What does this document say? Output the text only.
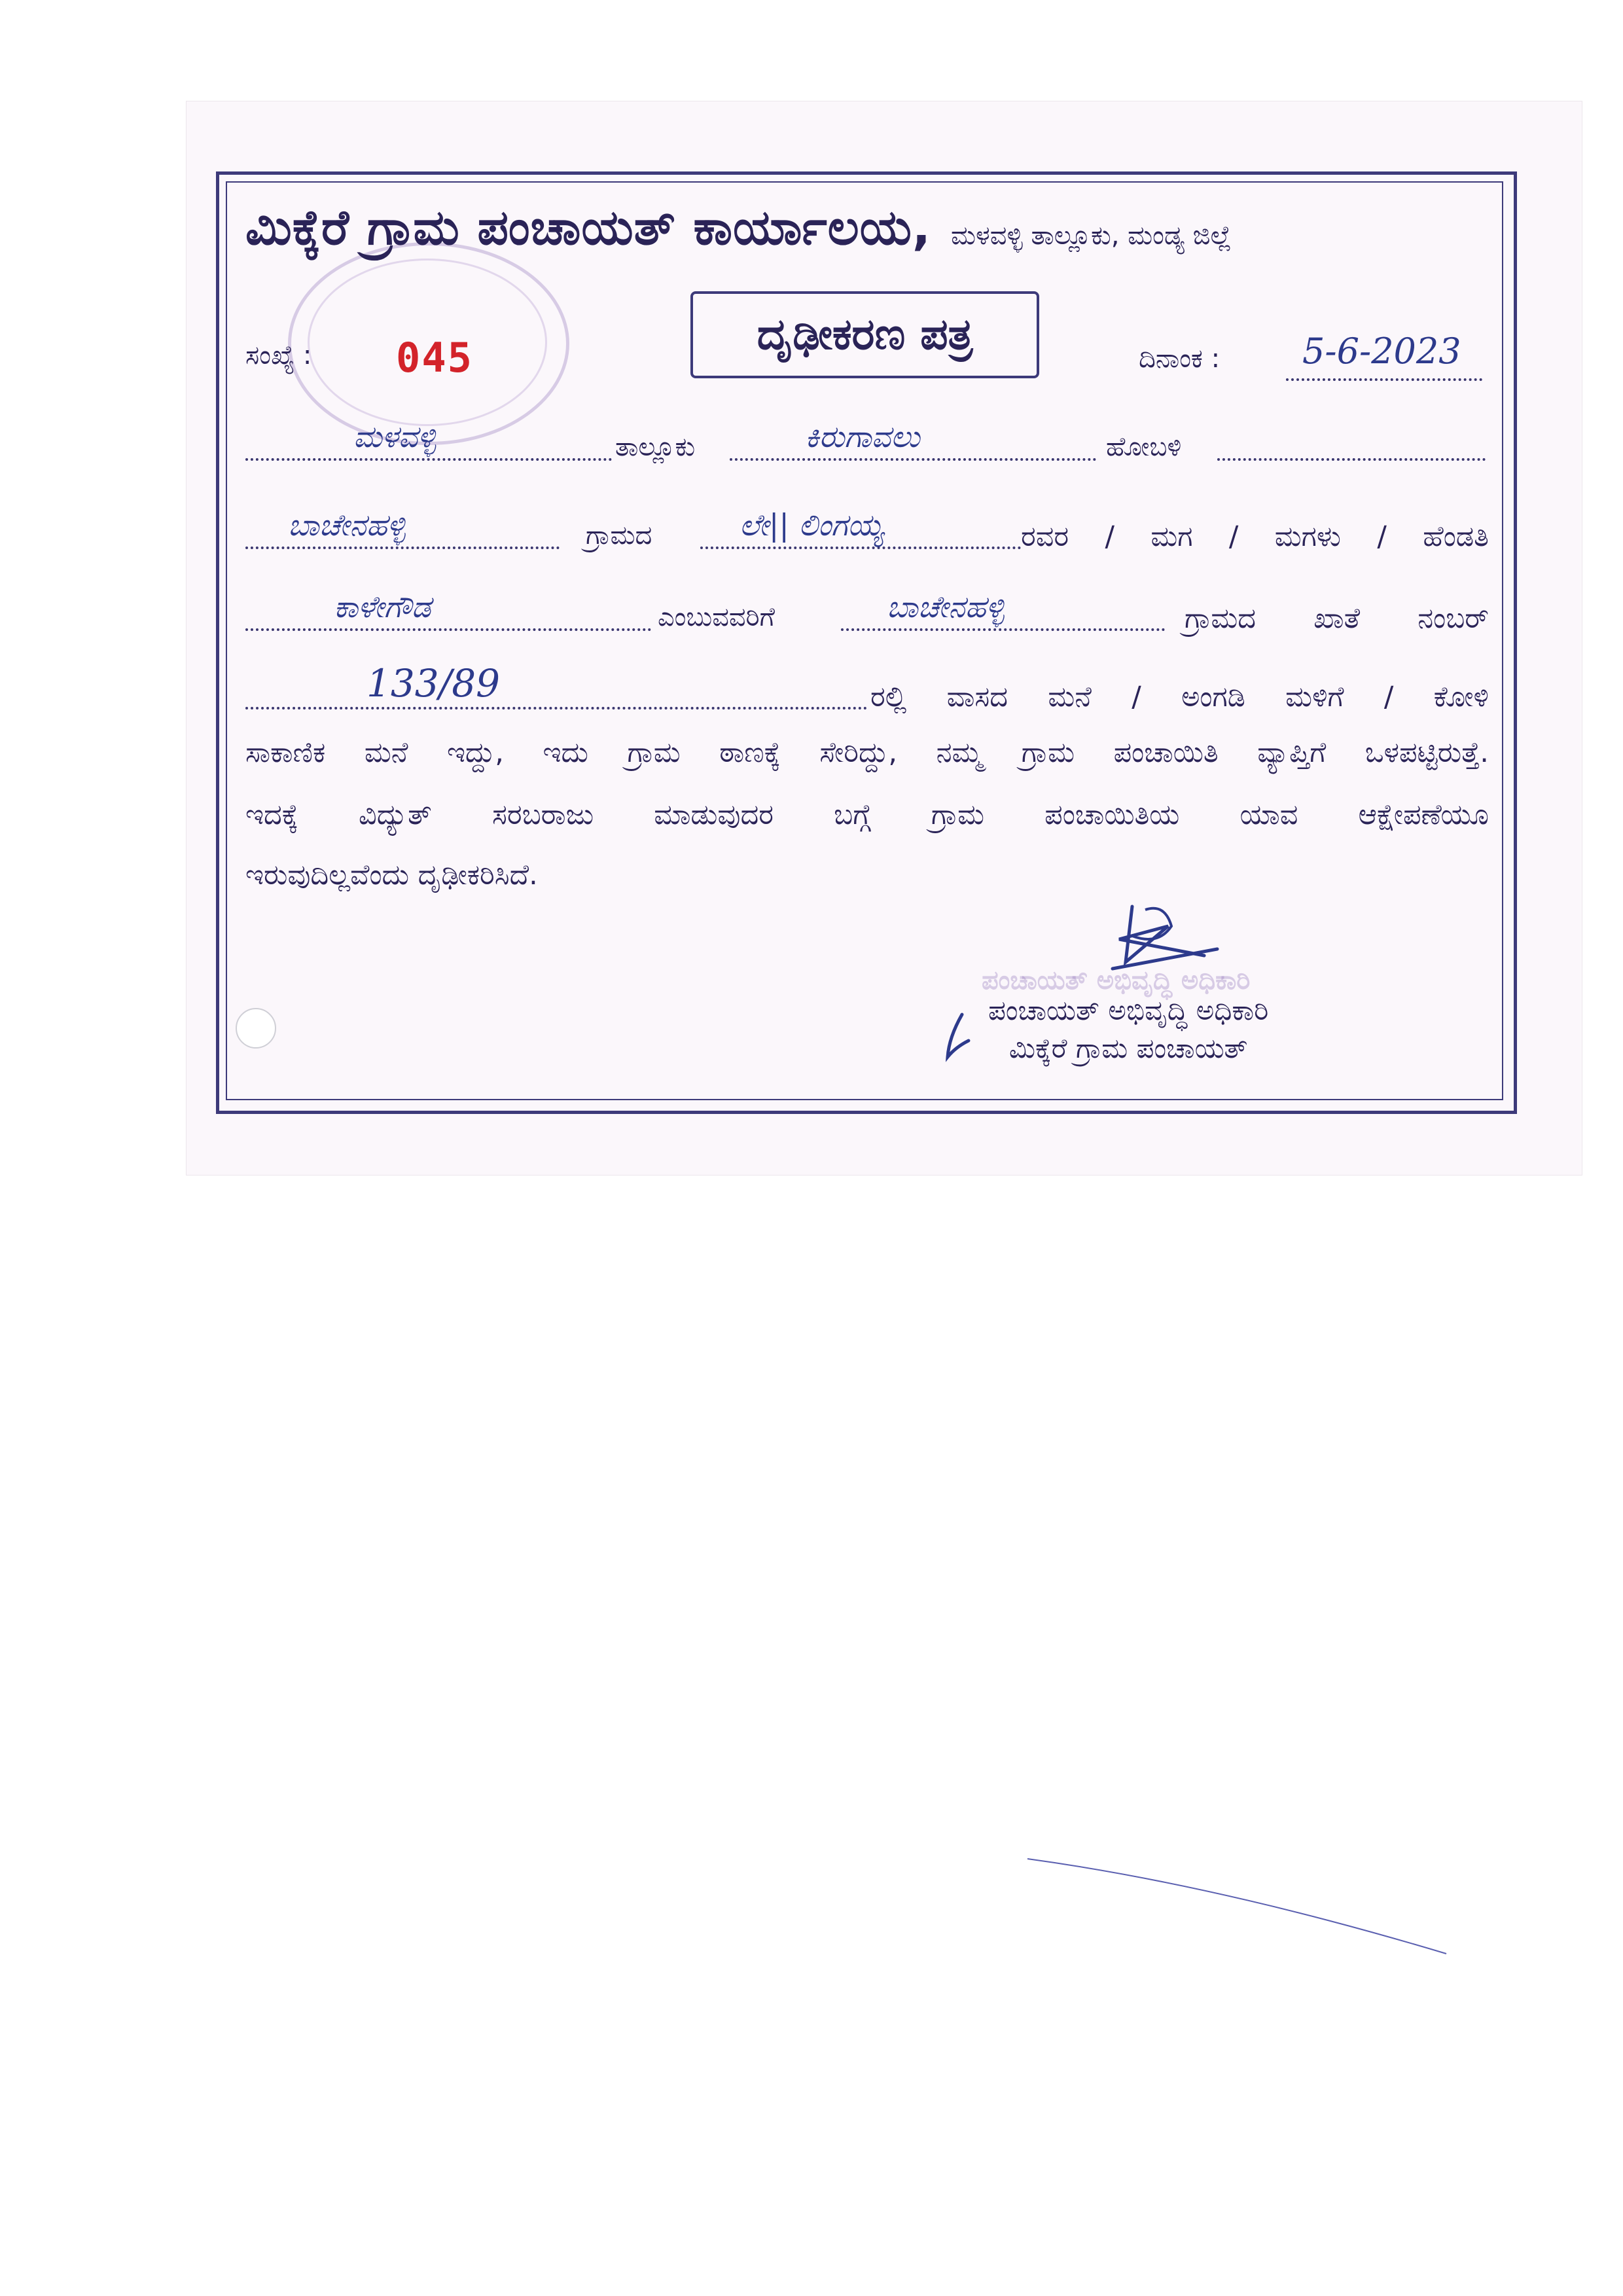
ಮಿಕ್ಕೆರೆ ಗ್ರಾಮ ಪಂಚಾಯತ್ ಕಾರ್ಯಾಲಯ, ಮಳವಳ್ಳಿ ತಾಲ್ಲೂಕು, ಮಂಡ್ಯ ಜಿಲ್ಲೆ
ದೃಢೀಕರಣ ಪತ್ರ
ಸಂಖ್ಯೆ : 045	ದಿನಾಂಕ : 5-6-2023
ಮಳವಳ್ಳಿ	ತಾಲ್ಲೂಕು	ಕಿರುಗಾವಲು	ಹೋಬಳಿ
ಬಾಚೇನಹಳ್ಳಿ	ಗ್ರಾಮದ	ಲೇ|| ಲಿಂಗಯ್ಯ	ರವರ / ಮಗ / ಮಗಳು / ಹೆಂಡತಿ
ಕಾಳೇಗೌಡ	ಎಂಬುವವರಿಗೆ	ಬಾಚೇನಹಳ್ಳಿ	ಗ್ರಾಮದ ಖಾತೆ ನಂಬರ್
133/89	ರಲ್ಲಿ ವಾಸದ ಮನೆ / ಅಂಗಡಿ ಮಳಿಗೆ / ಕೋಳಿ
ಸಾಕಾಣಿಕ ಮನೆ ಇದ್ದು, ಇದು ಗ್ರಾಮ ಠಾಣಕ್ಕೆ ಸೇರಿದ್ದು, ನಮ್ಮ ಗ್ರಾಮ ಪಂಚಾಯಿತಿ ವ್ಯಾಪ್ತಿಗೆ ಒಳಪಟ್ಟಿರುತ್ತೆ.
ಇದಕ್ಕೆ ವಿದ್ಯುತ್ ಸರಬರಾಜು ಮಾಡುವುದರ ಬಗ್ಗೆ ಗ್ರಾಮ ಪಂಚಾಯಿತಿಯ ಯಾವ ಆಕ್ಷೇಪಣೆಯೂ
ಇರುವುದಿಲ್ಲವೆಂದು ದೃಢೀಕರಿಸಿದೆ.
ಪಂಚಾಯತ್ ಅಭಿವೃದ್ಧಿ ಅಧಿಕಾರಿ
ಪಂಚಾಯತ್ ಅಭಿವೃದ್ಧಿ ಅಧಿಕಾರಿ
ಮಿಕ್ಕೆರೆ ಗ್ರಾಮ ಪಂಚಾಯತ್
